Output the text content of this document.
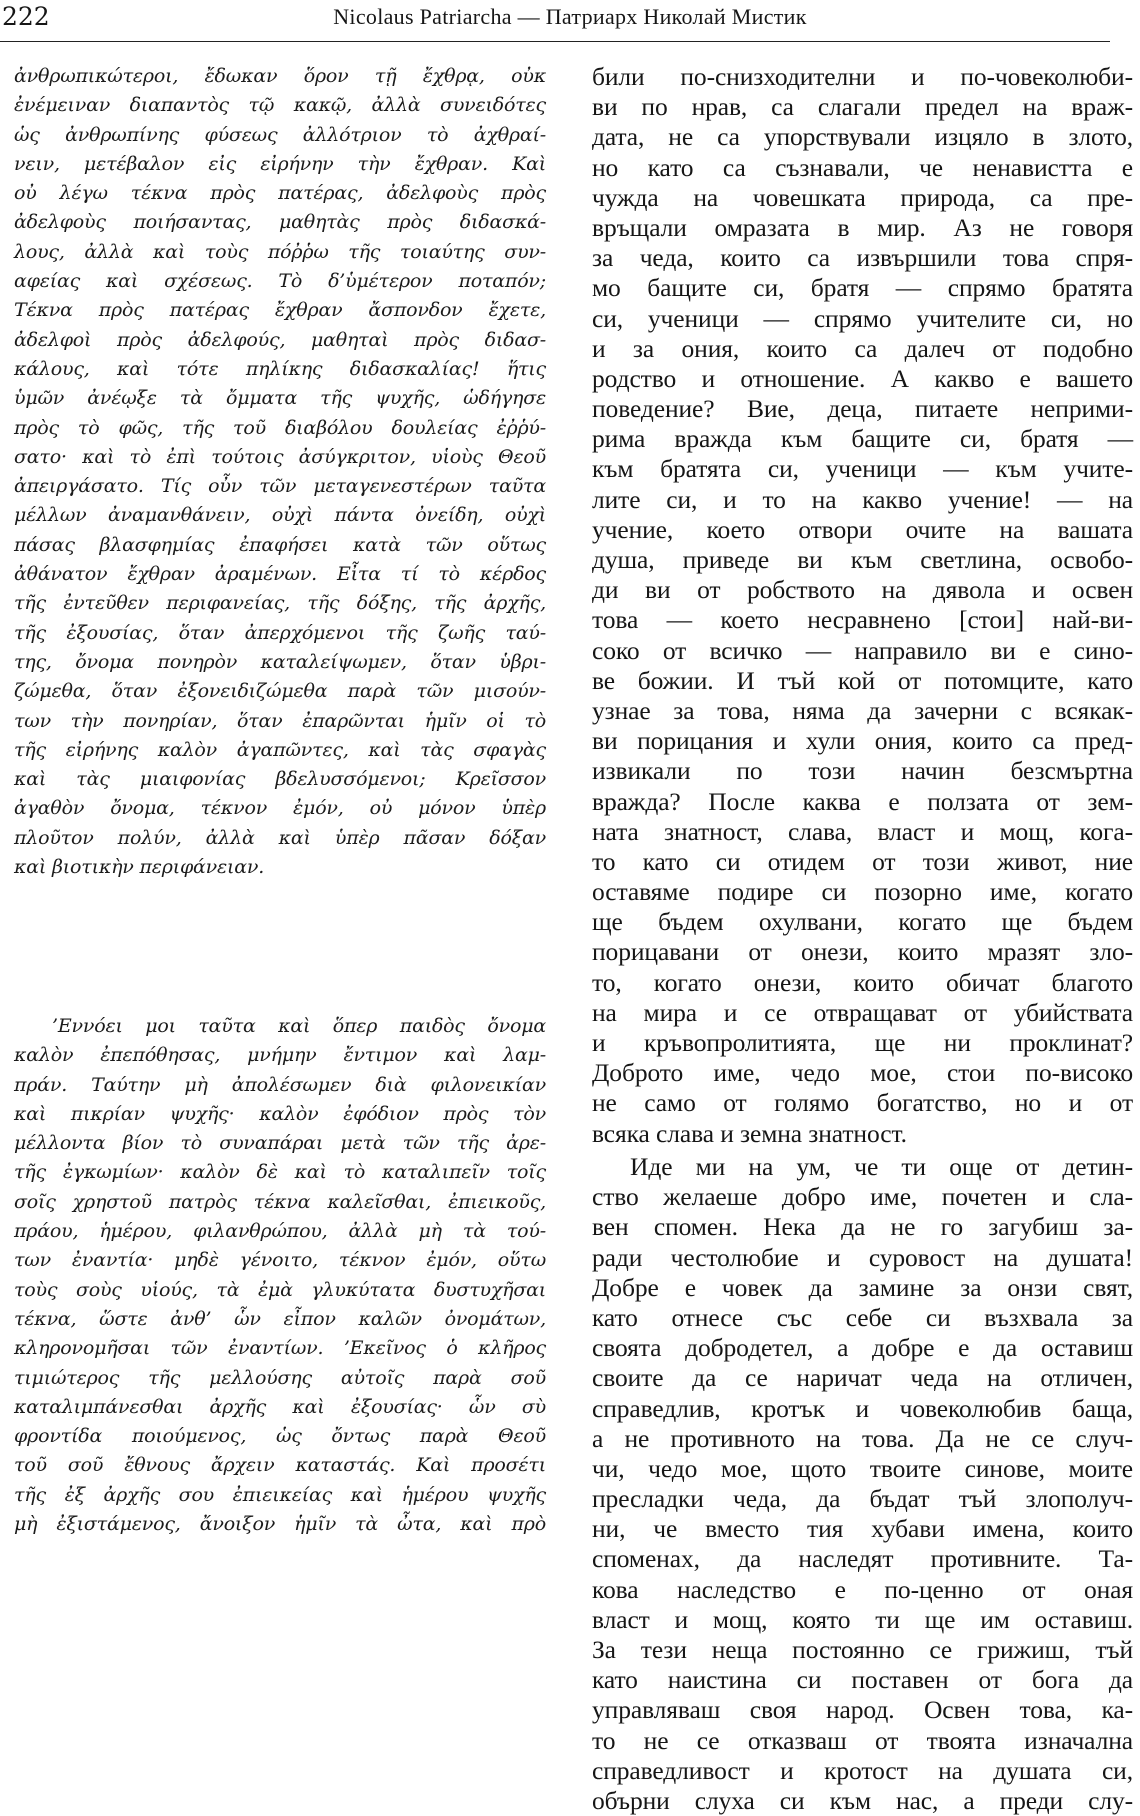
222	Nicolaus Patriarcha — Патриарх Николай Мистик
ἀνθρωπικώτεροι, ἔδωκαν ὅρον τῇ ἔχθρᾳ, οὐκ
ἐνέμειναν διαπαντὸς τῷ κακῷ, ἀλλὰ συνειδότες
ὡς ἀνθρωπίνης φύσεως ἀλλότριον τὸ ἀχθραί-
νειν, μετέβαλον εἰς εἰρήνην τὴν ἔχθραν. Καὶ
οὐ λέγω τέκνα πρὸς πατέρας, ἀδελφοὺς πρὸς
ἀδελφοὺς ποιήσαντας, μαθητὰς πρὸς διδασκά-
λους, ἀλλὰ καὶ τοὺς πόῤῥω τῆς τοιαύτης συν-
αφείας καὶ σχέσεως. Τὸ δ’ὑμέτερον ποταπόν;
Τέκνα πρὸς πατέρας ἔχθραν ἄσπονδον ἔχετε,
ἀδελφοὶ πρὸς ἀδελφούς, μαθηταὶ πρὸς διδασ-
κάλους, καὶ τότε πηλίκης διδασκαλίας! ἥτις
ὑμῶν ἀνέῳξε τὰ ὄμματα τῆς ψυχῆς, ὡδήγησε
πρὸς τὸ φῶς, τῆς τοῦ διαβόλου δουλείας ἐῤῥύ-
σατο· καὶ τὸ ἐπὶ τούτοις ἀσύγκριτον, υἱοὺς Θεοῦ
ἀπειργάσατο. Τίς οὖν τῶν μεταγενεστέρων ταῦτα
μέλλων ἀναμανθάνειν, οὐχὶ πάντα ὀνείδη, οὐχὶ
πάσας βλασφημίας ἐπαφήσει κατὰ τῶν οὕτως
ἀθάνατον ἔχθραν ἀραμένων. Εἶτα τί τὸ κέρδος
τῆς ἐντεῦθεν περιφανείας, τῆς δόξης, τῆς ἀρχῆς,
τῆς ἐξουσίας, ὅταν ἀπερχόμενοι τῆς ζωῆς ταύ-
της, ὄνομα πονηρὸν καταλείψωμεν, ὅταν ὑβρι-
ζώμεθα, ὅταν ἐξονειδιζώμεθα παρὰ τῶν μισούν-
των τὴν πονηρίαν, ὅταν ἐπαρῶνται ἡμῖν οἱ τὸ
τῆς εἰρήνης καλὸν ἀγαπῶντες, καὶ τὰς σφαγὰς
καὶ τὰς μιαιφονίας βδελυσσόμενοι; Κρεῖσσον
ἀγαθὸν ὄνομα, τέκνον ἐμόν, οὐ μόνον ὑπὲρ
πλοῦτον πολύν, ἀλλὰ καὶ ὑπὲρ πᾶσαν δόξαν
καὶ βιοτικὴν περιφάνειαν.
’Εννόει μοι ταῦτα καὶ ὅπερ παιδὸς ὄνομα
καλὸν ἐπεπόθησας, μνήμην ἔντιμον καὶ λαμ-
πράν. Ταύτην μὴ ἀπολέσωμεν διὰ φιλονεικίαν
καὶ πικρίαν ψυχῆς· καλὸν ἐφόδιον πρὸς τὸν
μέλλοντα βίον τὸ συναπάραι μετὰ τῶν τῆς ἀρε-
τῆς ἐγκωμίων· καλὸν δὲ καὶ τὸ καταλιπεῖν τοῖς
σοῖς χρηστοῦ πατρὸς τέκνα καλεῖσθαι, ἐπιεικοῦς,
πράου, ἡμέρου, φιλανθρώπου, ἀλλὰ μὴ τὰ τού-
των ἐναντία· μηδὲ γένοιτο, τέκνον ἐμόν, οὕτω
τοὺς σοὺς υἱούς, τὰ ἐμὰ γλυκύτατα δυστυχῆσαι
τέκνα, ὥστε ἀνθ’ ὧν εἶπον καλῶν ὀνομάτων,
κληρονομῆσαι τῶν ἐναντίων. ’Εκεῖνος ὁ κλῆρος
τιμιώτερος τῆς μελλούσης αὐτοῖς παρὰ σοῦ
καταλιμπάνεσθαι ἀρχῆς καὶ ἐξουσίας· ὧν σὺ
φροντίδα ποιούμενος, ὡς ὄντως παρὰ Θεοῦ
τοῦ σοῦ ἔθνους ἄρχειν καταστάς. Καὶ προσέτι
τῆς ἐξ ἀρχῆς σου ἐπιεικείας καὶ ἡμέρου ψυχῆς
μὴ ἐξιστάμενος, ἄνοιξον ἡμῖν τὰ ὦτα, καὶ πρὸ
били по-снизходителни и по-човеколюби-
ви по нрав, са слагали предел на враж-
дата, не са упорствували изцяло в злото,
но като са съзнавали, че ненавистта е
чужда на човешката природа, са пре-
връщали омразата в мир. Аз не говоря
за чеда, които са извършили това спря-
мо бащите си, братя — спрямо братята
си, ученици — спрямо учителите си, но
и за ония, които са далеч от подобно
родство и отношение. А какво е вашето
поведение? Вие, деца, питаете неприми-
рима вражда към бащите си, братя —
към братята си, ученици — към учите-
лите си, и то на какво учение! — на
учение, което отвори очите на вашата
душа, приведе ви към светлина, освобо-
ди ви от робството на дявола и освен
това — което несравнено [стои] най-ви-
соко от всичко — направило ви е сино-
ве божии. И тъй кой от потомците, като
узнае за това, няма да зачерни с всякак-
ви порицания и хули ония, които са пред-
извикали по този начин безсмъртна
вражда? После каква е ползата от зем-
ната знатност, слава, власт и мощ, кога-
то като си отидем от този живот, ние
оставяме подире си позорно име, когато
ще бъдем охулвани, когато ще бъдем
порицавани от онези, които мразят зло-
то, когато онези, които обичат благото
на мира и се отвращават от убийствата
и кръвопролитията, ще ни проклинат?
Доброто име, чедо мое, стои по-високо
не само от голямо богатство, но и от
всяка слава и земна знатност.
Иде ми на ум, че ти още от детин-
ство желаеше добро име, почетен и сла-
вен спомен. Нека да не го загубиш за-
ради честолюбие и суровост на душата!
Добре е човек да замине за онзи свят,
като отнесе със себе си възхвала за
своята добродетел, а добре е да оставиш
своите да се наричат чеда на отличен,
справедлив, кротък и човеколюбив баща,
а не противното на това. Да не се случ-
чи, чедо мое, щото твоите синове, моите
пресладки чеда, да бъдат тъй злополуч-
ни, че вместо тия хубави имена, които
споменах, да наследят противните. Та-
кова наследство е по-ценно от оная
власт и мощ, която ти ще им оставиш.
За тези неща постоянно се грижиш, тъй
като наистина си поставен от бога да
управляваш своя народ. Освен това, ка-
то не се отказваш от твоята изначална
справедливост и кротост на душата си,
обърни слуха си към нас, а преди слу-
